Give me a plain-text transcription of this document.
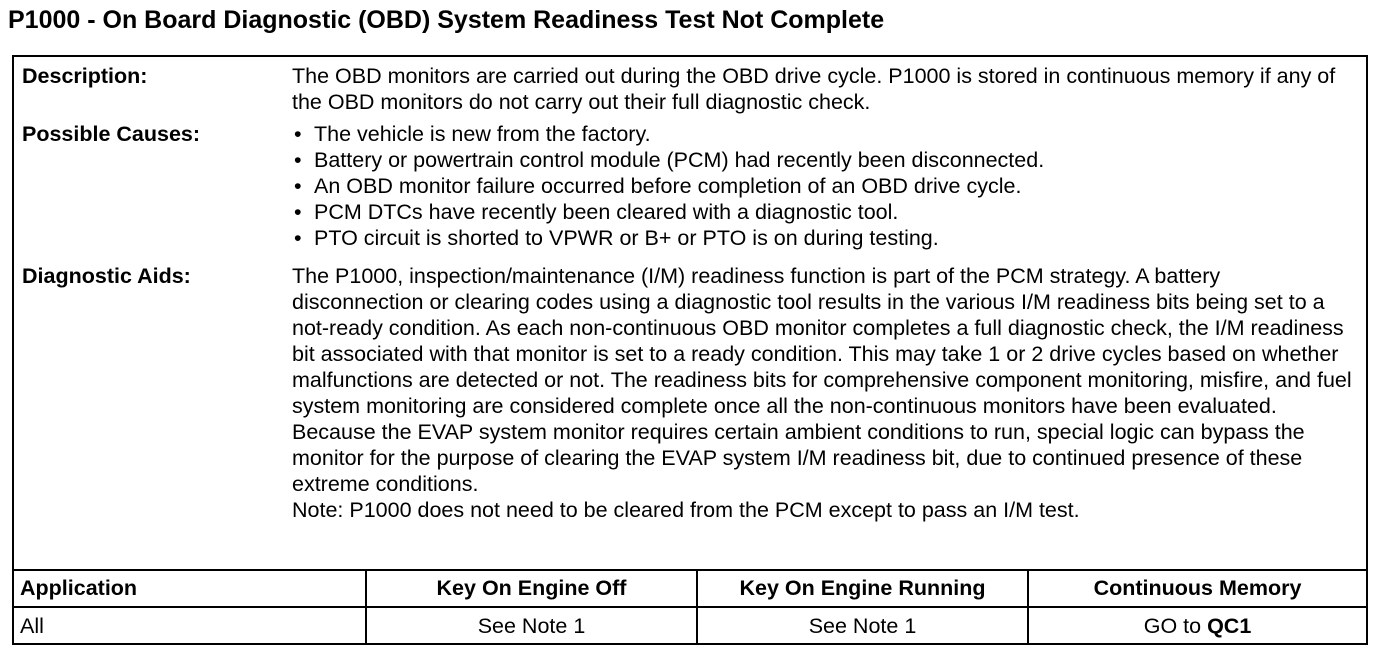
P1000 - On Board Diagnostic (OBD) System Readiness Test Not Complete
Description:	The OBD monitors are carried out during the OBD drive cycle. P1000 is stored in continuous memory if any of the OBD monitors do not carry out their full diagnostic check.
Possible Causes:	• The vehicle is new from the factory.
• Battery or powertrain control module (PCM) had recently been disconnected.
• An OBD monitor failure occurred before completion of an OBD drive cycle.
• PCM DTCs have recently been cleared with a diagnostic tool.
• PTO circuit is shorted to VPWR or B+ or PTO is on during testing.
Diagnostic Aids:	The P1000, inspection/maintenance (I/M) readiness function is part of the PCM strategy. A battery disconnection or clearing codes using a diagnostic tool results in the various I/M readiness bits being set to a not-ready condition. As each non-continuous OBD monitor completes a full diagnostic check, the I/M readiness bit associated with that monitor is set to a ready condition. This may take 1 or 2 drive cycles based on whether malfunctions are detected or not. The readiness bits for comprehensive component monitoring, misfire, and fuel system monitoring are considered complete once all the non-continuous monitors have been evaluated. Because the EVAP system monitor requires certain ambient conditions to run, special logic can bypass the monitor for the purpose of clearing the EVAP system I/M readiness bit, due to continued presence of these extreme conditions.

Note: P1000 does not need to be cleared from the PCM except to pass an I/M test.

Application	Key On Engine Off	Key On Engine Running	Continuous Memory
All	See Note 1	See Note 1	GO to QC1
